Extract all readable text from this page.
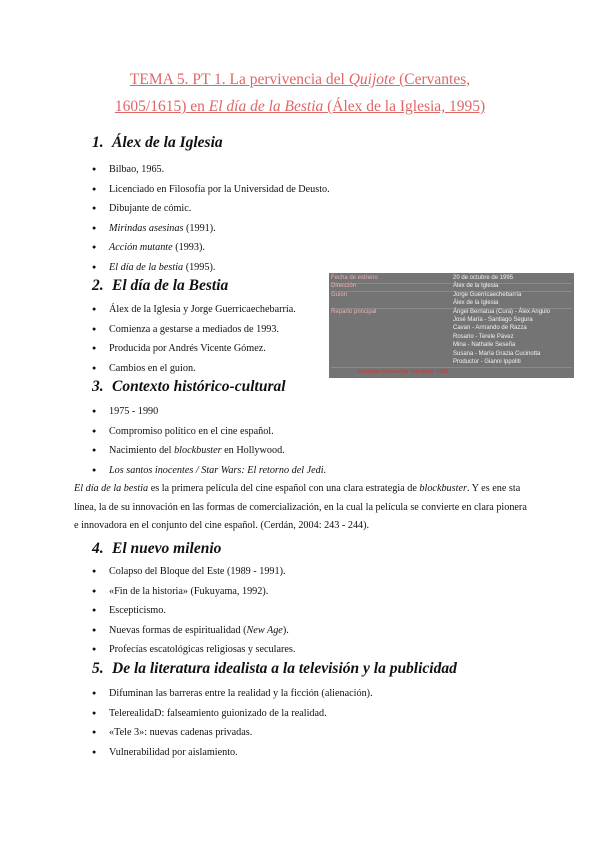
TEMA 5. PT 1. La pervivencia del Quijote (Cervantes,
1605/1615) en El día de la Bestia (Álex de la Iglesia, 1995)
1. Álex de la Iglesia
● Bilbao, 1965.
● Licenciado en Filosofía por la Universidad de Deusto.
● Dibujante de cómic.
● Mirindas asesinas (1991).
● Acción mutante (1993).
● El día de la bestia (1995).
2. El día de la Bestia
● Álex de la Iglesia y Jorge Guerricaechebarría.
● Comienza a gestarse a mediados de 1993.
● Producida por Andrés Vicente Gómez.
● Cambios en el guion.
Fecha de estreno	20 de octubre de 1995
Dirección	Álex de la Iglesia
Guion	Jorge Guerricaechebarría
Álex de la Iglesia
Reparto principal	Ángel Berriatua (Cura) - Álex Angulo
José María - Santiago Segura
Cavan - Armando de Razza
Rosario - Terele Pávez
Mina - Nathalie Seseña
Susana - María Grazia Cucinotta
Productor - Gianni Ippoliti
Sociedad General de Televisión 1995
3. Contexto histórico-cultural
● 1975 - 1990
● Compromiso político en el cine español.
● Nacimiento del blockbuster en Hollywood.
● Los santos inocentes / Star Wars: El retorno del Jedi.
El día de la bestia es la primera película del cine español con una clara estrategia de blockbuster. Y es ene sta línea, la de su innovación en las formas de comercialización, en la cual la película se convierte en clara pionera e innovadora en el conjunto del cine español. (Cerdán, 2004: 243 - 244).
4. El nuevo milenio
● Colapso del Bloque del Este (1989 - 1991).
● «Fin de la historia» (Fukuyama, 1992).
● Escepticismo.
● Nuevas formas de espiritualidad (New Age).
● Profecías escatológicas religiosas y seculares.
5. De la literatura idealista a la televisión y la publicidad
● Difuminan las barreras entre la realidad y la ficción (alienación).
● TelerealidaD: falseamiento guionizado de la realidad.
● «Tele 3»: nuevas cadenas privadas.
● Vulnerabilidad por aislamiento.
